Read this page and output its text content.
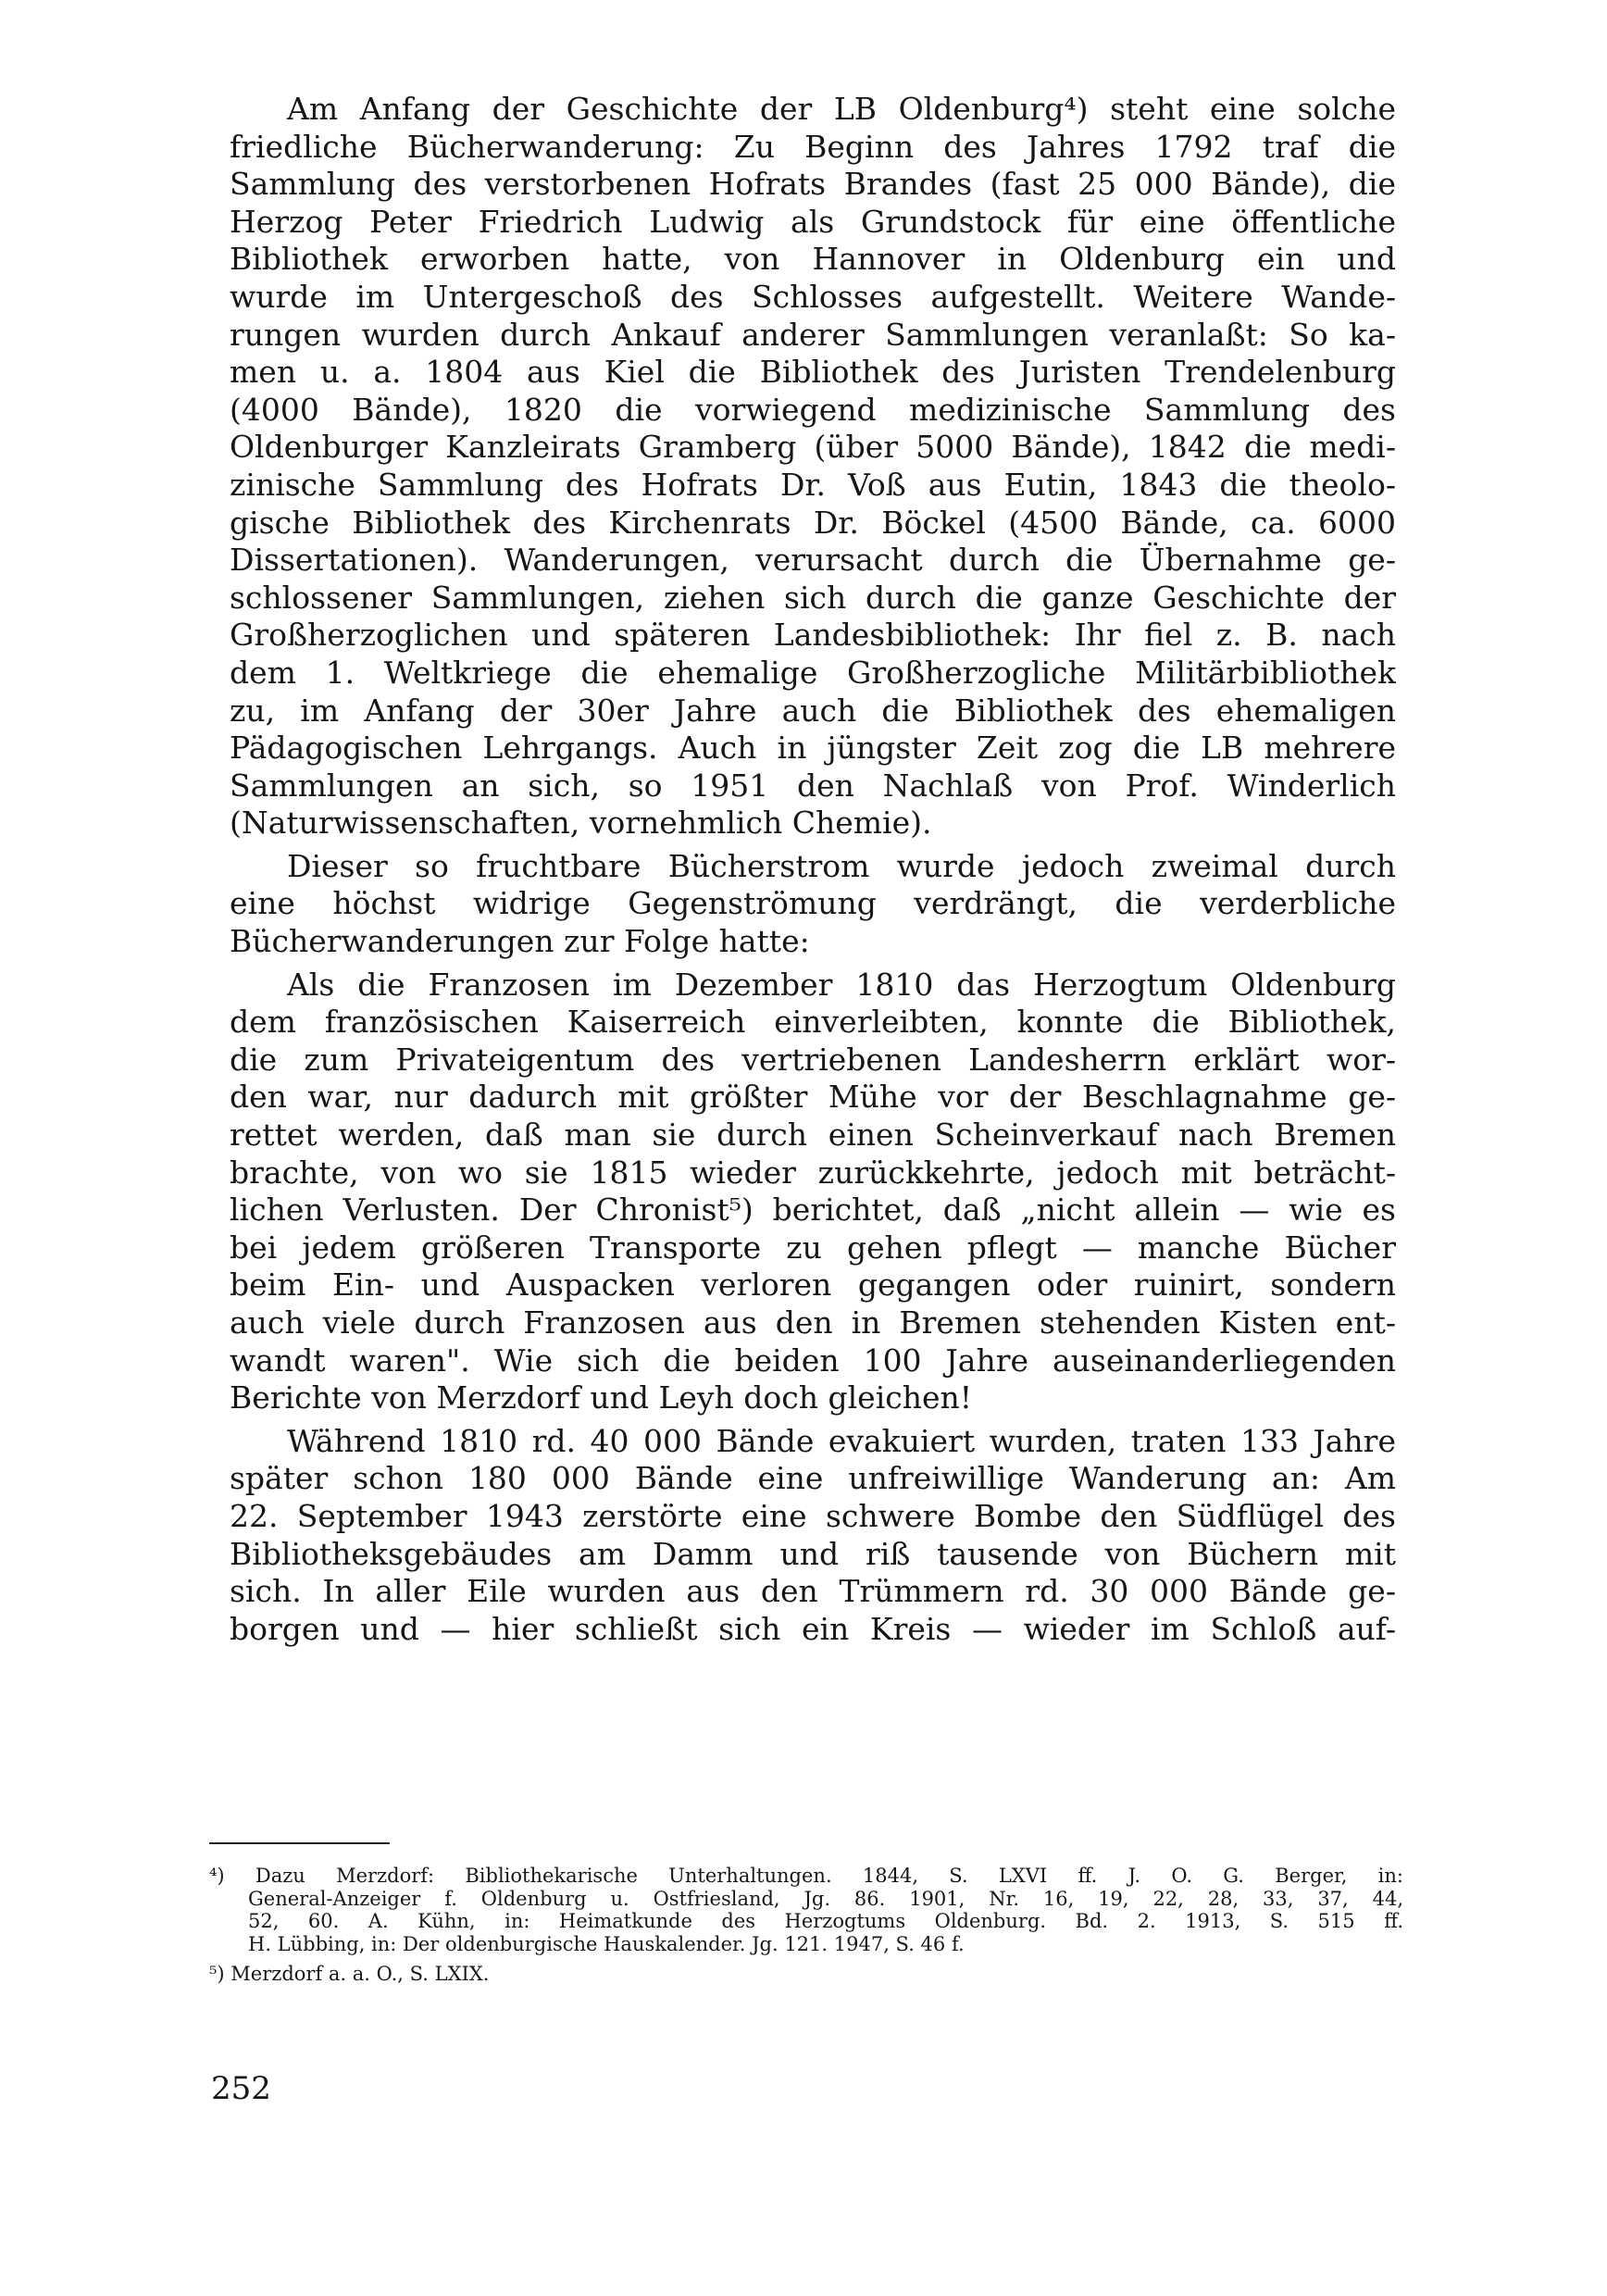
Am Anfang der Geschichte der LB Oldenburg⁴) steht eine solche
friedliche Bücherwanderung: Zu Beginn des Jahres 1792 traf die
Sammlung des verstorbenen Hofrats Brandes (fast 25 000 Bände), die
Herzog Peter Friedrich Ludwig als Grundstock für eine öffentliche
Bibliothek erworben hatte, von Hannover in Oldenburg ein und
wurde im Untergeschoß des Schlosses aufgestellt. Weitere Wande-
rungen wurden durch Ankauf anderer Sammlungen veranlaßt: So ka-
men u. a. 1804 aus Kiel die Bibliothek des Juristen Trendelenburg
(4000 Bände), 1820 die vorwiegend medizinische Sammlung des
Oldenburger Kanzleirats Gramberg (über 5000 Bände), 1842 die medi-
zinische Sammlung des Hofrats Dr. Voß aus Eutin, 1843 die theolo-
gische Bibliothek des Kirchenrats Dr. Böckel (4500 Bände, ca. 6000
Dissertationen). Wanderungen, verursacht durch die Übernahme ge-
schlossener Sammlungen, ziehen sich durch die ganze Geschichte der
Großherzoglichen und späteren Landesbibliothek: Ihr fiel z. B. nach
dem 1. Weltkriege die ehemalige Großherzogliche Militärbibliothek
zu, im Anfang der 30er Jahre auch die Bibliothek des ehemaligen
Pädagogischen Lehrgangs. Auch in jüngster Zeit zog die LB mehrere
Sammlungen an sich, so 1951 den Nachlaß von Prof. Winderlich
(Naturwissenschaften, vornehmlich Chemie).
Dieser so fruchtbare Bücherstrom wurde jedoch zweimal durch
eine höchst widrige Gegenströmung verdrängt, die verderbliche
Bücherwanderungen zur Folge hatte:
Als die Franzosen im Dezember 1810 das Herzogtum Oldenburg
dem französischen Kaiserreich einverleibten, konnte die Bibliothek,
die zum Privateigentum des vertriebenen Landesherrn erklärt wor-
den war, nur dadurch mit größter Mühe vor der Beschlagnahme ge-
rettet werden, daß man sie durch einen Scheinverkauf nach Bremen
brachte, von wo sie 1815 wieder zurückkehrte, jedoch mit beträcht-
lichen Verlusten. Der Chronist⁵) berichtet, daß „nicht allein — wie es
bei jedem größeren Transporte zu gehen pflegt — manche Bücher
beim Ein- und Auspacken verloren gegangen oder ruinirt, sondern
auch viele durch Franzosen aus den in Bremen stehenden Kisten ent-
wandt waren". Wie sich die beiden 100 Jahre auseinanderliegenden
Berichte von Merzdorf und Leyh doch gleichen!
Während 1810 rd. 40 000 Bände evakuiert wurden, traten 133 Jahre
später schon 180 000 Bände eine unfreiwillige Wanderung an: Am
22. September 1943 zerstörte eine schwere Bombe den Südflügel des
Bibliotheksgebäudes am Damm und riß tausende von Büchern mit
sich. In aller Eile wurden aus den Trümmern rd. 30 000 Bände ge-
borgen und — hier schließt sich ein Kreis — wieder im Schloß auf-
⁴) Dazu Merzdorf: Bibliothekarische Unterhaltungen. 1844, S. LXVI ff. J. O. G. Berger, in:
General-Anzeiger f. Oldenburg u. Ostfriesland, Jg. 86. 1901, Nr. 16, 19, 22, 28, 33, 37, 44,
52, 60. A. Kühn, in: Heimatkunde des Herzogtums Oldenburg. Bd. 2. 1913, S. 515 ff.
H. Lübbing, in: Der oldenburgische Hauskalender. Jg. 121. 1947, S. 46 f.
⁵) Merzdorf a. a. O., S. LXIX.
252
